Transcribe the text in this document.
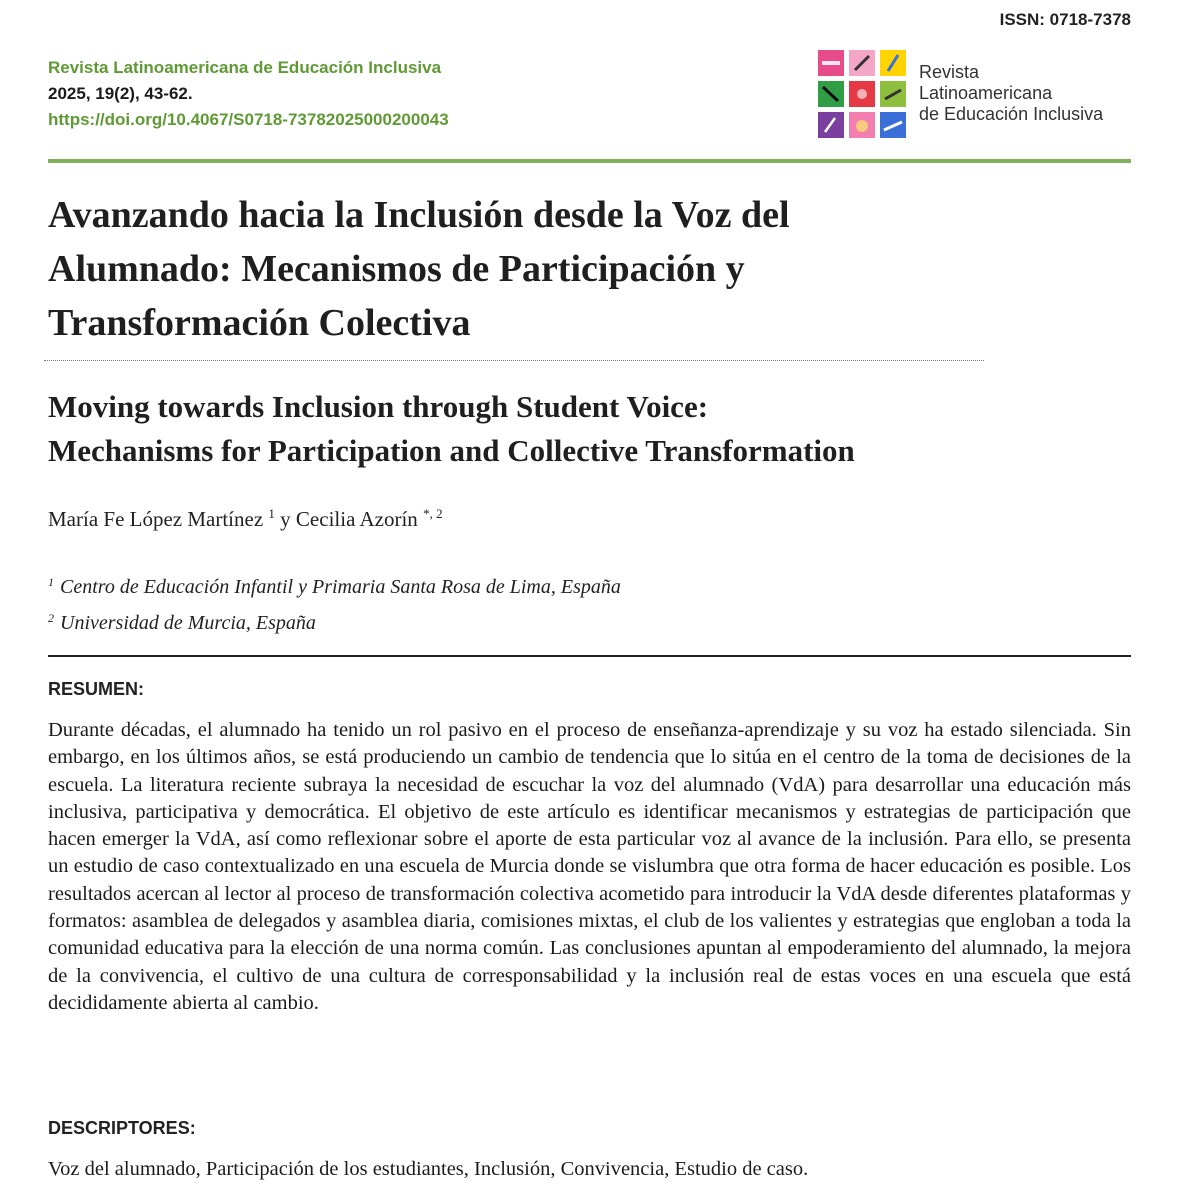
ISSN: 0718-7378
Revista Latinoamericana de Educación Inclusiva
2025, 19(2), 43-62.
https://doi.org/10.4067/S0718-73782025000200043
Revista
Latinoamericana
de Educación Inclusiva
Avanzando hacia la Inclusión desde la Voz del
Alumnado: Mecanismos de Participación y
Transformación Colectiva
Moving towards Inclusion through Student Voice:
Mechanisms for Participation and Collective Transformation
María Fe López Martínez $^1$ y Cecilia Azorín $^{*, 2}$
$^1$ Centro de Educación Infantil y Primaria Santa Rosa de Lima, España
$^2$ Universidad de Murcia, España
RESUMEN:

Durante décadas, el alumnado ha tenido un rol pasivo en el proceso de enseñanza-aprendizaje y su voz ha estado silenciada. Sin embargo, en los últimos años, se está produciendo un cambio de tendencia que lo sitúa en el centro de la toma de decisiones de la escuela. La literatura reciente subraya la necesidad de escuchar la voz del alumnado (VdA) para desarrollar una educación más inclusiva, participativa y democrática. El objetivo de este artículo es identificar mecanismos y estrategias de participación que hacen emerger la VdA, así como reflexionar sobre el aporte de esta particular voz al avance de la inclusión. Para ello, se presenta un estudio de caso contextualizado en una escuela de Murcia donde se vislumbra que otra forma de hacer educación es posible. Los resultados acercan al lector al proceso de transformación colectiva acometido para introducir la VdA desde diferentes plataformas y formatos: asamblea de delegados y asamblea diaria, comisiones mixtas, el club de los valientes y estrategias que engloban a toda la comunidad educativa para la elección de una norma común. Las conclusiones apuntan al empoderamiento del alumnado, la mejora de la convivencia, el cultivo de una cultura de corresponsabilidad y la inclusión real de estas voces en una escuela que está decididamente abierta al cambio.

DESCRIPTORES:
Voz del alumnado, Participación de los estudiantes, Inclusión, Convivencia, Estudio de caso.
